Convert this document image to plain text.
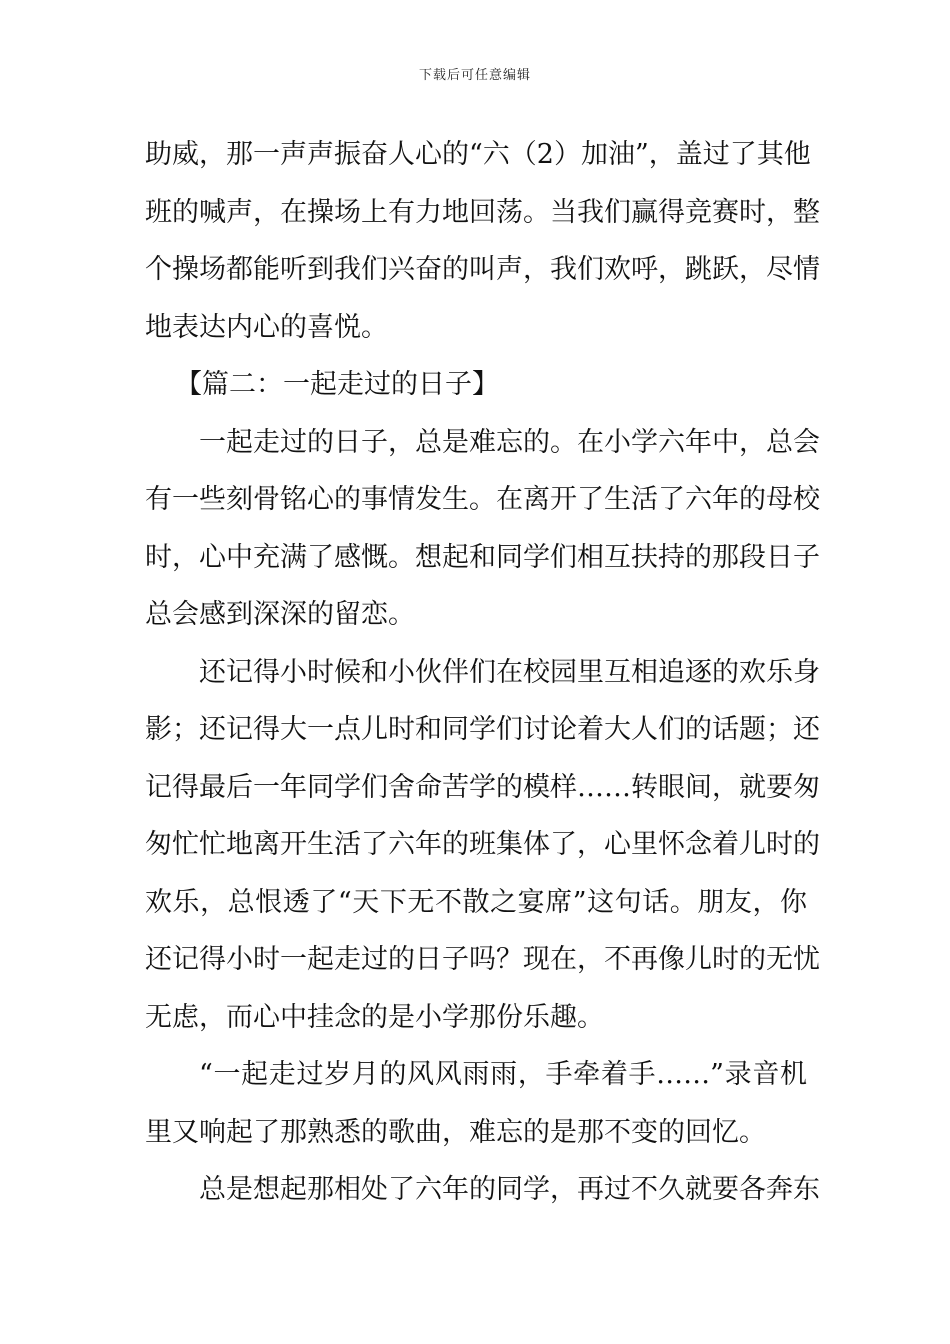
下载后可任意编辑
助威，那一声声振奋人心的“六（2）加油”，盖过了其他
班的喊声，在操场上有力地回荡。当我们赢得竞赛时，整
个操场都能听到我们兴奋的叫声，我们欢呼，跳跃，尽情
地表达内心的喜悦。
【篇二：一起走过的日子】
一起走过的日子，总是难忘的。在小学六年中，总会
有一些刻骨铭心的事情发生。在离开了生活了六年的母校
时，心中充满了感慨。想起和同学们相互扶持的那段日子
总会感到深深的留恋。
还记得小时候和小伙伴们在校园里互相追逐的欢乐身
影；还记得大一点儿时和同学们讨论着大人们的话题；还
记得最后一年同学们舍命苦学的模样……转眼间，就要匆
匆忙忙地离开生活了六年的班集体了，心里怀念着儿时的
欢乐，总恨透了“天下无不散之宴席”这句话。朋友，你
还记得小时一起走过的日子吗？现在，不再像儿时的无忧
无虑，而心中挂念的是小学那份乐趣。
“一起走过岁月的风风雨雨，手牵着手……”录音机
里又响起了那熟悉的歌曲，难忘的是那不变的回忆。
总是想起那相处了六年的同学，再过不久就要各奔东
